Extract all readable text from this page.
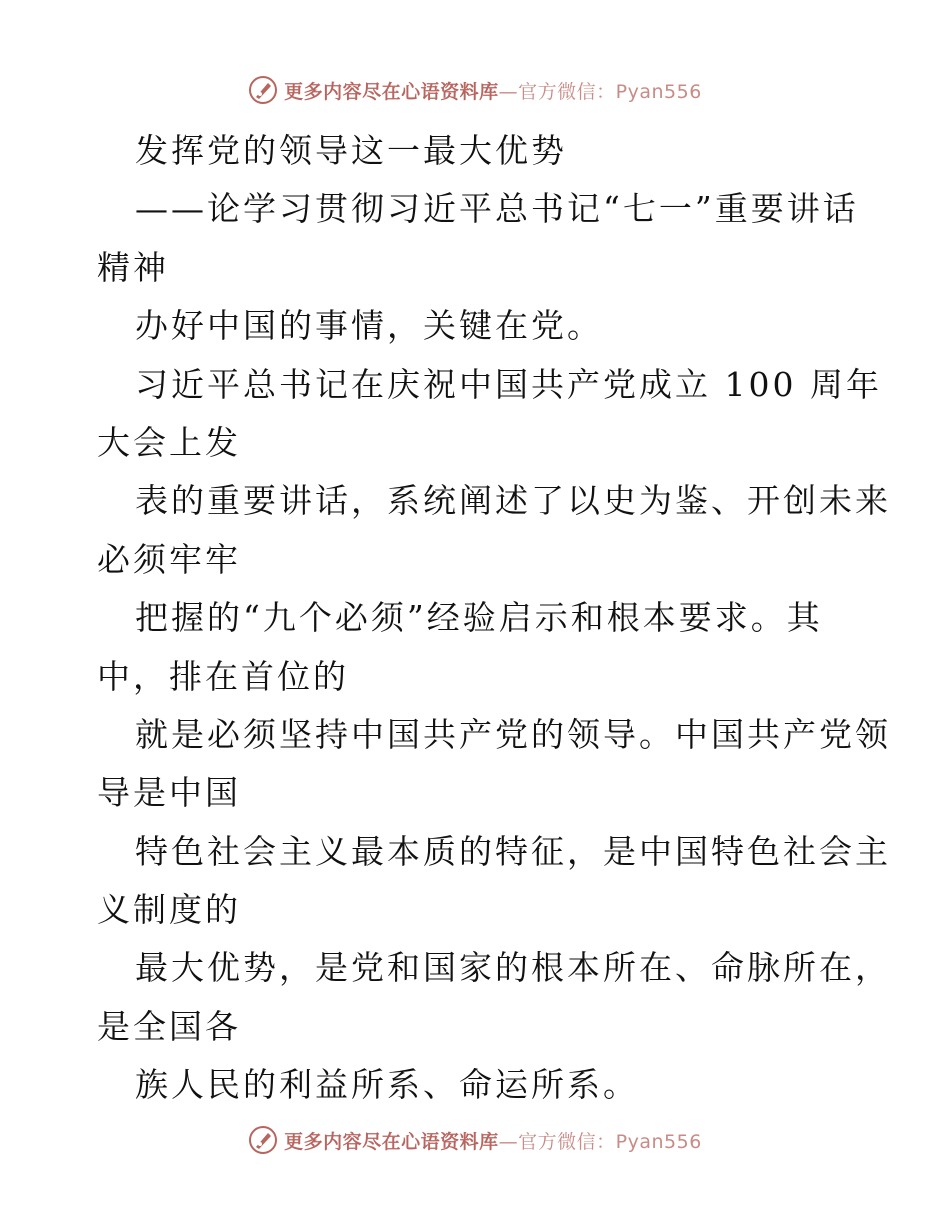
更多内容尽在心语资料库—官方微信：Pyan556
发挥党的领导这一最大优势
——论学习贯彻习近平总书记“七一”重要讲话
精神
办好中国的事情，关键在党。
习近平总书记在庆祝中国共产党成立 100 周年
大会上发
表的重要讲话，系统阐述了以史为鉴、开创未来
必须牢牢
把握的“九个必须”经验启示和根本要求。其
中，排在首位的
就是必须坚持中国共产党的领导。中国共产党领
导是中国
特色社会主义最本质的特征，是中国特色社会主
义制度的
最大优势，是党和国家的根本所在、命脉所在，
是全国各
族人民的利益所系、命运所系。
更多内容尽在心语资料库—官方微信：Pyan556
